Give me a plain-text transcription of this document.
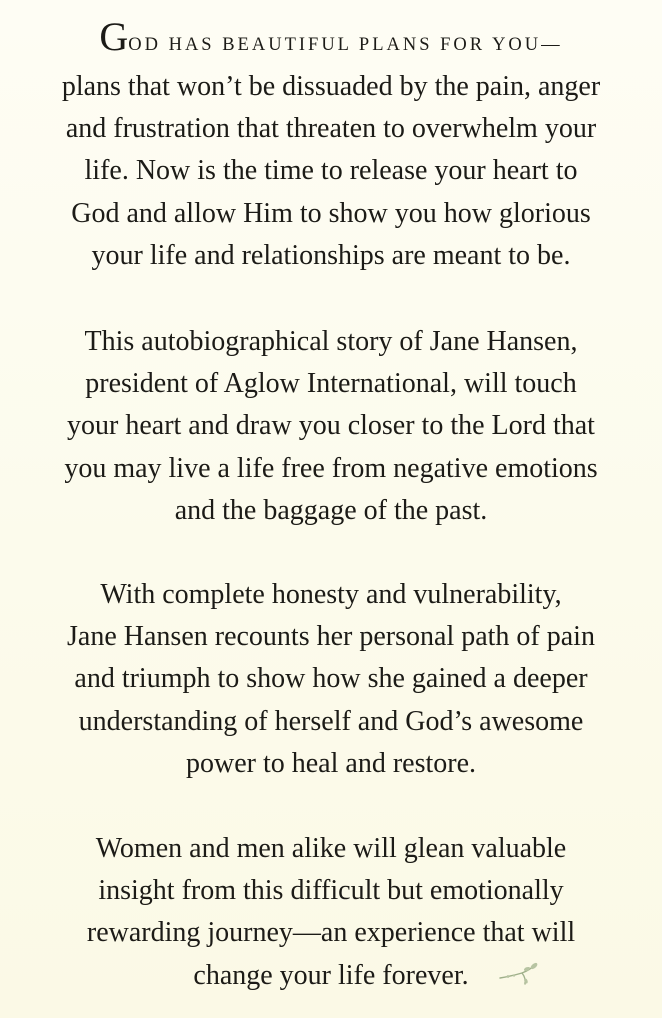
GOD HAS BEAUTIFUL PLANS FOR YOU—
plans that won’t be dissuaded by the pain, anger
and frustration that threaten to overwhelm your
life. Now is the time to release your heart to
God and allow Him to show you how glorious
your life and relationships are meant to be.
This autobiographical story of Jane Hansen,
president of Aglow International, will touch
your heart and draw you closer to the Lord that
you may live a life free from negative emotions
and the baggage of the past.
With complete honesty and vulnerability,
Jane Hansen recounts her personal path of pain
and triumph to show how she gained a deeper
understanding of herself and God’s awesome
power to heal and restore.
Women and men alike will glean valuable
insight from this difficult but emotionally
rewarding journey—an experience that will
change your life forever.
